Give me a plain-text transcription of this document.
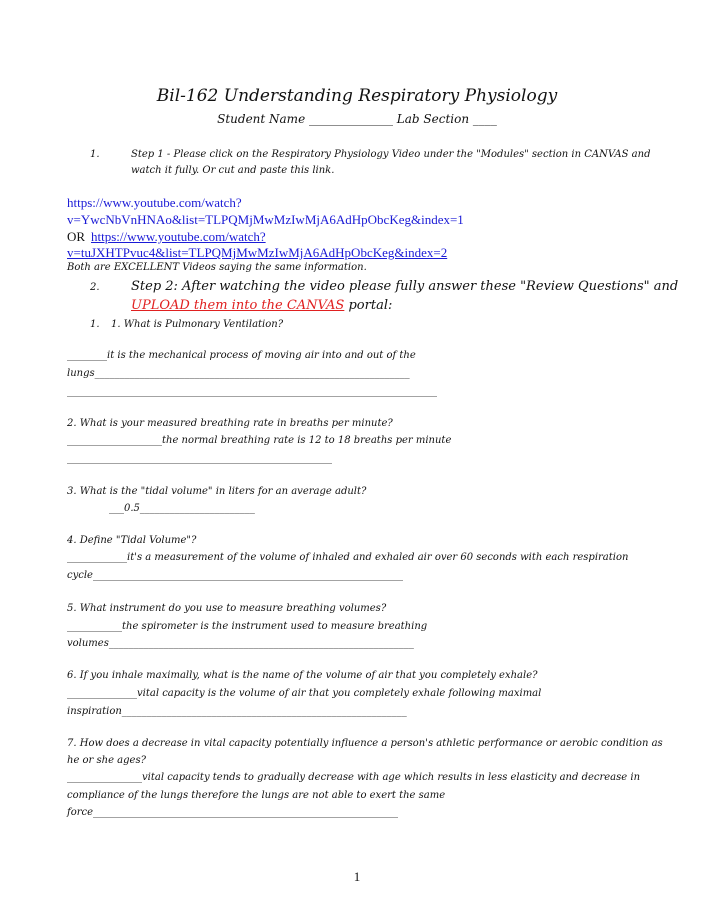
Bil-162 Understanding Respiratory Physiology
Student Name ______________ Lab Section ____
1.	Step 1 - Please click on the Respiratory Physiology Video under the "Modules" section in CANVAS and
watch it fully. Or cut and paste this link.
https://www.youtube.com/watch?
v=YwcNbVnHNAo&list=TLPQMjMwMzIwMjA6AdHpObcKeg&index=1
OR https://www.youtube.com/watch?
v=tuJXHTPvuc4&list=TLPQMjMwMzIwMjA6AdHpObcKeg&index=2
Both are EXCELLENT Videos saying the same information.
2. Step 2: After watching the video please fully answer these "Review Questions" and
UPLOAD them into the CANVAS portal:
1. 1. What is Pulmonary Ventilation?
________it is the mechanical process of moving air into and out of the
lungs_______________________________________________________________
__________________________________________________________________________
2. What is your measured breathing rate in breaths per minute?
___________________the normal breathing rate is 12 to 18 breaths per minute
_____________________________________________________
3. What is the "tidal volume" in liters for an average adult?
___0.5_______________________
4. Define "Tidal Volume"?
____________it's a measurement of the volume of inhaled and exhaled air over 60 seconds with each respiration
cycle______________________________________________________________
5. What instrument do you use to measure breathing volumes?
___________the spirometer is the instrument used to measure breathing
volumes_____________________________________________________________
6. If you inhale maximally, what is the name of the volume of air that you completely exhale?
______________vital capacity is the volume of air that you completely exhale following maximal
inspiration_________________________________________________________
7. How does a decrease in vital capacity potentially influence a person's athletic performance or aerobic condition as
he or she ages?
_______________vital capacity tends to gradually decrease with age which results in less elasticity and decrease in
compliance of the lungs therefore the lungs are not able to exert the same
force_____________________________________________________________
1
